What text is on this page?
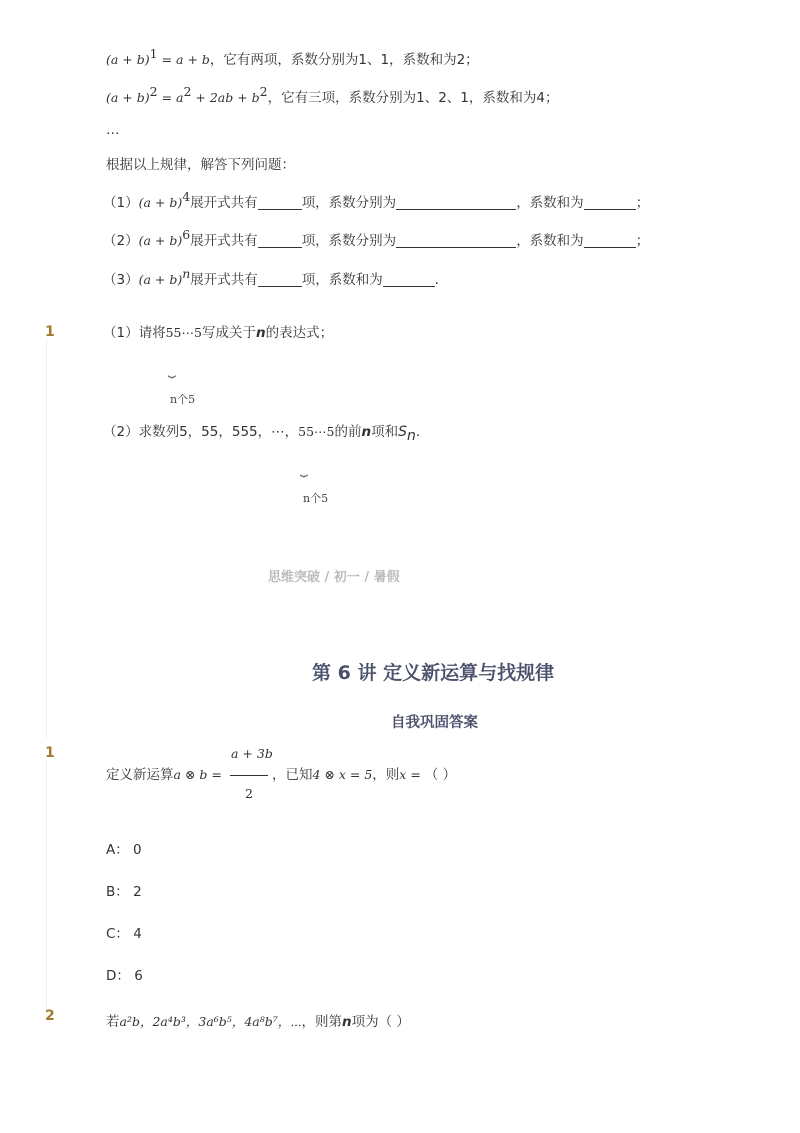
$(a + b)^1 = a + b$，它有两项，系数分别为1、1，系数和为2；
$(a + b)^2 = a^2 + 2ab + b^2$，它有三项，系数分别为1、2、1，系数和为4；
…
根据以上规律，解答下列问题：
$(1)(a + b)^4$展开式共有	项，系数分别为	，系数和为	；
$(2)(a + b)^6$展开式共有	项，系数分别为	，系数和为	；
$(3)(a + b)^n$展开式共有	项，系数和为	．
1	（1）请将55⋯5写成关于n的表达式；
⏟
n个5
（2）求数列5，55，555，⋯，55⋯5的前n项和$S_n$．
⏟
n个5
思维突破 / 初一 / 暑假
第 6 讲 定义新运算与找规律
自我巩固答案
1	a + 3b
2
定义新运算a ⊗ b =	，已知4 ⊗ x = 5，则x = （ ）
A： 0
B： 2
C： 4
D： 6
2	若a²b，2a⁴b³，3a⁶b⁵，4a⁸b⁷，⋯，则第n项为（ ）
